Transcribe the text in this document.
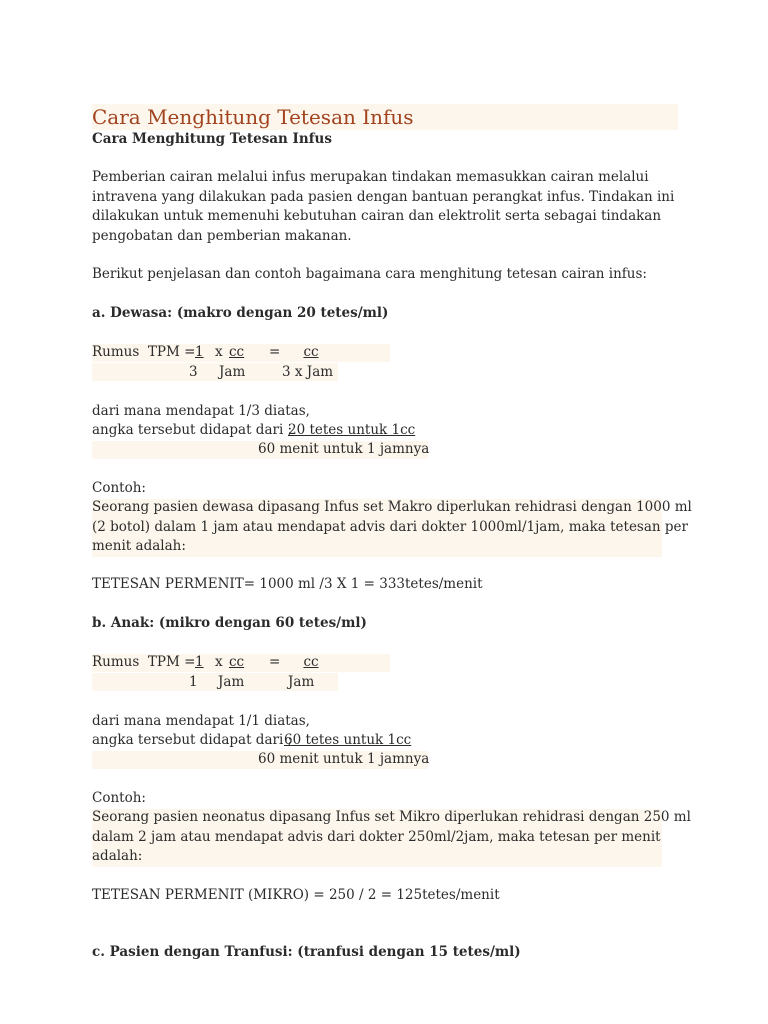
Cara Menghitung Tetesan Infus
Cara Menghitung Tetesan Infus
Pemberian cairan melalui infus merupakan tindakan memasukkan cairan melalui
intravena yang dilakukan pada pasien dengan bantuan perangkat infus. Tindakan ini
dilakukan untuk memenuhi kebutuhan cairan dan elektrolit serta sebagai tindakan
pengobatan dan pemberian makanan.
Berikut penjelasan dan contoh bagaimana cara menghitung tetesan cairan infus:
a. Dewasa: (makro dengan 20 tetes/ml)
Rumus  TPM = 1 x cc	=	cc
3 Jam	3 x Jam
dari mana mendapat 1/3 diatas,
angka tersebut didapat dari ;
20 tetes untuk 1cc
60 menit untuk 1 jamnya
Contoh:
Seorang pasien dewasa dipasang Infus set Makro diperlukan rehidrasi dengan 1000 ml
(2 botol) dalam 1 jam atau mendapat advis dari dokter 1000ml/1jam, maka tetesan per
menit adalah:
TETESAN PERMENIT= 1000 ml /3 X 1 = 333tetes/menit
b. Anak: (mikro dengan 60 tetes/ml)
Rumus  TPM = 1 x cc	=	cc
1 Jam	Jam
dari mana mendapat 1/1 diatas,
angka tersebut didapat dari ;
60 tetes untuk 1cc
60 menit untuk 1 jamnya
Contoh:
Seorang pasien neonatus dipasang Infus set Mikro diperlukan rehidrasi dengan 250 ml
dalam 2 jam atau mendapat advis dari dokter 250ml/2jam, maka tetesan per menit
adalah:
TETESAN PERMENIT (MIKRO) = 250 / 2 = 125tetes/menit
c. Pasien dengan Tranfusi: (tranfusi dengan 15 tetes/ml)
